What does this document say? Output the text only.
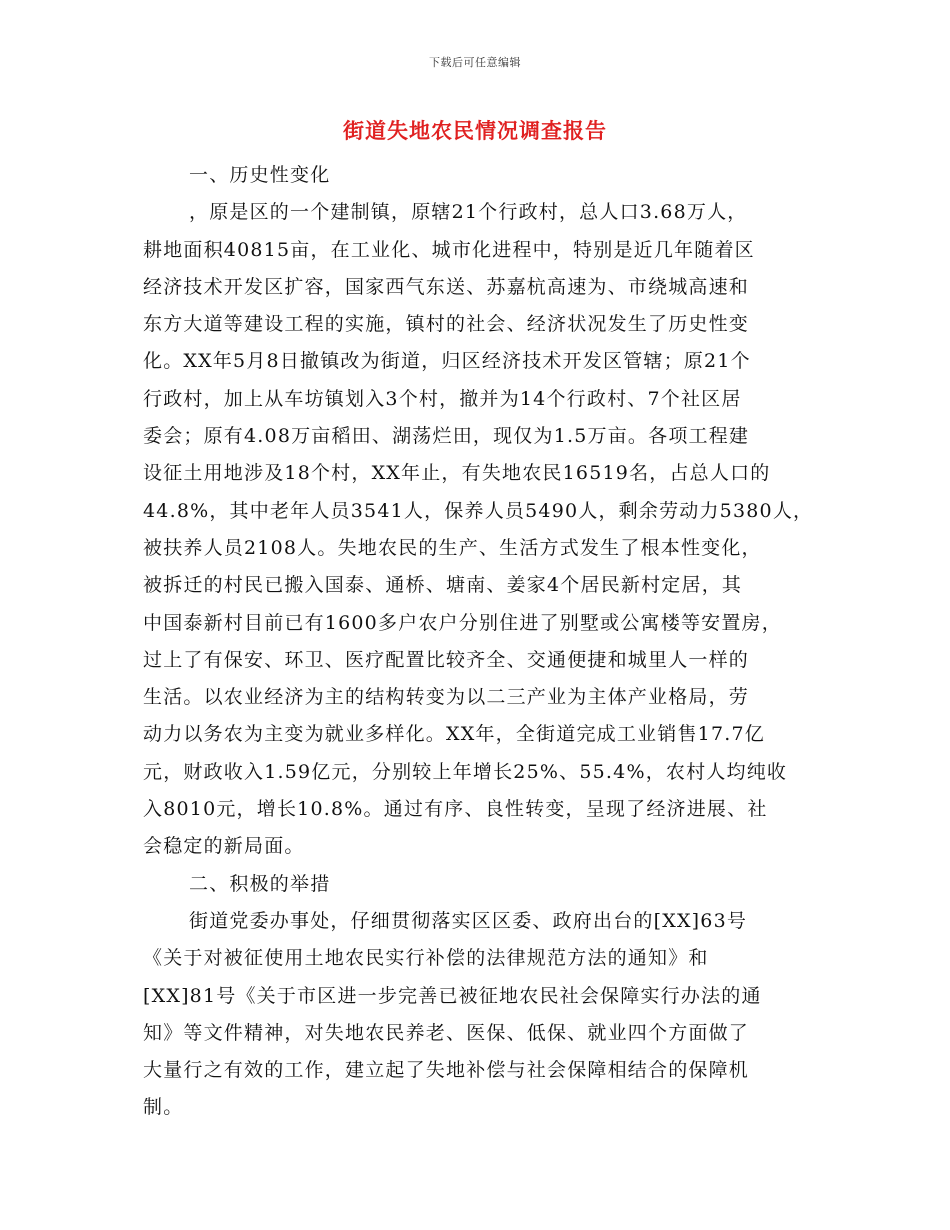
下载后可任意编辑
街道失地农民情况调查报告
一、历史性变化
，原是区的一个建制镇，原辖21个行政村，总人口3.68万人，
耕地面积40815亩，在工业化、城市化进程中，特别是近几年随着区
经济技术开发区扩容，国家西气东送、苏嘉杭高速为、市绕城高速和
东方大道等建设工程的实施，镇村的社会、经济状况发生了历史性变
化。XX年5月8日撤镇改为街道，归区经济技术开发区管辖；原21个
行政村，加上从车坊镇划入3个村，撤并为14个行政村、7个社区居
委会；原有4.08万亩稻田、湖荡烂田，现仅为1.5万亩。各项工程建
设征土用地涉及18个村，XX年止，有失地农民16519名，占总人口的
44.8%，其中老年人员3541人，保养人员5490人，剩余劳动力5380人，
被扶养人员2108人。失地农民的生产、生活方式发生了根本性变化，
被拆迁的村民已搬入国泰、通桥、塘南、姜家4个居民新村定居，其
中国泰新村目前已有1600多户农户分别住进了别墅或公寓楼等安置房，
过上了有保安、环卫、医疗配置比较齐全、交通便捷和城里人一样的
生活。以农业经济为主的结构转变为以二三产业为主体产业格局，劳
动力以务农为主变为就业多样化。XX年，全街道完成工业销售17.7亿
元，财政收入1.59亿元，分别较上年增长25%、55.4%，农村人均纯收
入8010元，增长10.8%。通过有序、良性转变，呈现了经济进展、社
会稳定的新局面。
二、积极的举措
街道党委办事处，仔细贯彻落实区区委、政府出台的[XX]63号
《关于对被征使用土地农民实行补偿的法律规范方法的通知》和
[XX]81号《关于市区进一步完善已被征地农民社会保障实行办法的通
知》等文件精神，对失地农民养老、医保、低保、就业四个方面做了
大量行之有效的工作，建立起了失地补偿与社会保障相结合的保障机
制。
